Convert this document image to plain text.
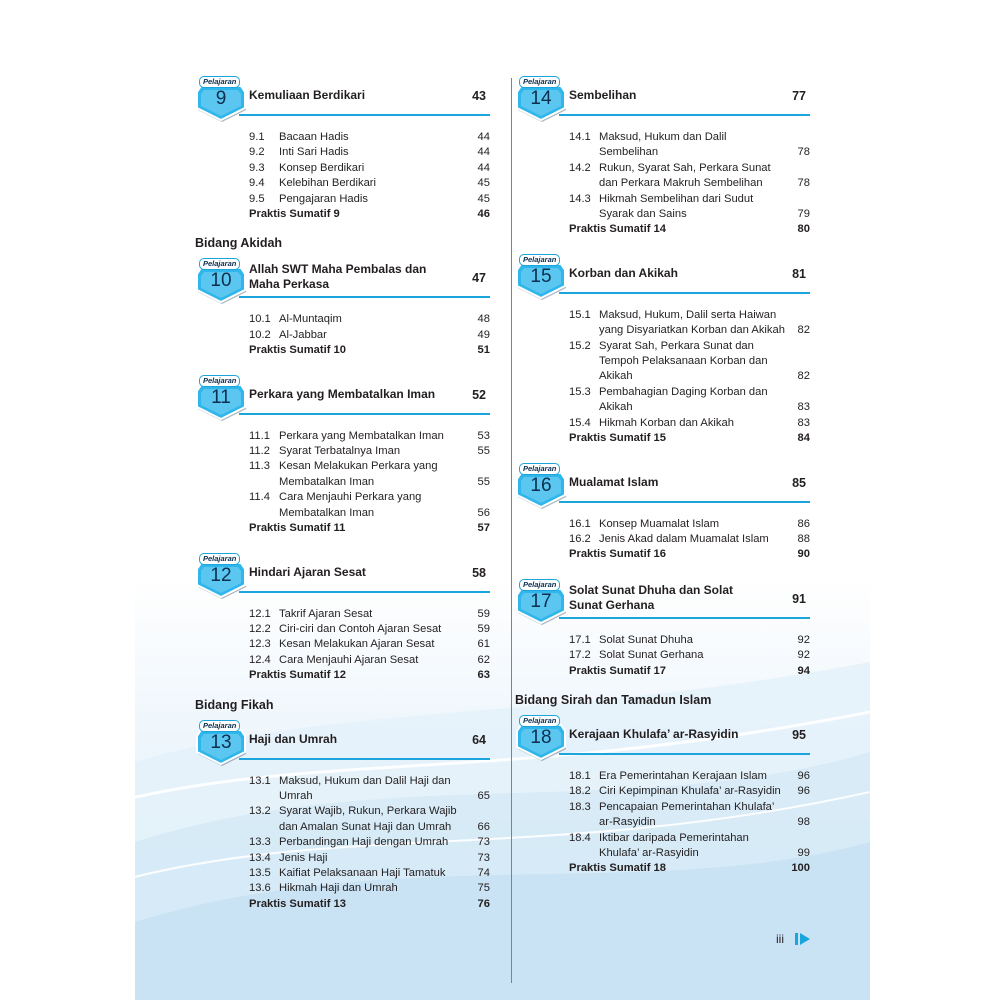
Pelajaran
9	Kemuliaan Berdikari	43
9.1	Bacaan Hadis	44
9.2	Inti Sari Hadis	44
9.3	Konsep Berdikari	44
9.4	Kelebihan Berdikari	45
9.5	Pengajaran Hadis	45
Praktis Sumatif 9	46
Bidang Akidah
Pelajaran
10
Allah SWT Maha Pembalas dan Maha Perkasa	47
10.1 Al-Muntaqim	48
10.2 Al-Jabbar	49
Praktis Sumatif 10	51
Pelajaran
11	Perkara yang Membatalkan Iman	52
11.1 Perkara yang Membatalkan Iman	53
11.2 Syarat Terbatalnya Iman	55
11.3 Kesan Melakukan Perkara yang Membatalkan Iman	55
11.4 Cara Menjauhi Perkara yang Membatalkan Iman	56
Praktis Sumatif 11	57
Pelajaran
12	Hindari Ajaran Sesat	58
12.1 Takrif Ajaran Sesat	59
12.2 Ciri-ciri dan Contoh Ajaran Sesat	59
12.3 Kesan Melakukan Ajaran Sesat	61
12.4 Cara Menjauhi Ajaran Sesat	62
Praktis Sumatif 12	63
Bidang Fikah
Pelajaran
13	Haji dan Umrah	64
13.1 Maksud, Hukum dan Dalil Haji dan Umrah	65
13.2 Syarat Wajib, Rukun, Perkara Wajib dan Amalan Sunat Haji dan Umrah	66
13.3 Perbandingan Haji dengan Umrah	73
13.4 Jenis Haji	73
13.5 Kaifiat Pelaksanaan Haji Tamatuk	74
13.6 Hikmah Haji dan Umrah	75
Praktis Sumatif 13	76
Pelajaran
14	Sembelihan	77
14.1 Maksud, Hukum dan Dalil Sembelihan	78
14.2 Rukun, Syarat Sah, Perkara Sunat dan Perkara Makruh Sembelihan	78
14.3 Hikmah Sembelihan dari Sudut Syarak dan Sains	79
Praktis Sumatif 14	80
Pelajaran
15	Korban dan Akikah	81
15.1 Maksud, Hukum, Dalil serta Haiwan yang Disyariatkan Korban dan Akikah	82
15.2 Syarat Sah, Perkara Sunat dan Tempoh Pelaksanaan Korban dan Akikah	82
15.3 Pembahagian Daging Korban dan Akikah	83
15.4 Hikmah Korban dan Akikah	83
Praktis Sumatif 15	84
Pelajaran
16	Mualamat Islam	85
16.1 Konsep Muamalat Islam	86
16.2 Jenis Akad dalam Muamalat Islam	88
Praktis Sumatif 16	90
Pelajaran
17
Solat Sunat Dhuha dan Solat Sunat Gerhana	91
17.1 Solat Sunat Dhuha	92
17.2 Solat Sunat Gerhana	92
Praktis Sumatif 17	94
Bidang Sirah dan Tamadun Islam
Pelajaran
18	Kerajaan Khulafa’ ar-Rasyidin	95
18.1 Era Pemerintahan Kerajaan Islam	96
18.2 Ciri Kepimpinan Khulafa’ ar-Rasyidin	96
18.3 Pencapaian Pemerintahan Khulafa’ ar-Rasyidin	98
18.4 Iktibar daripada Pemerintahan Khulafa’ ar-Rasyidin	99
Praktis Sumatif 18	100
iii
